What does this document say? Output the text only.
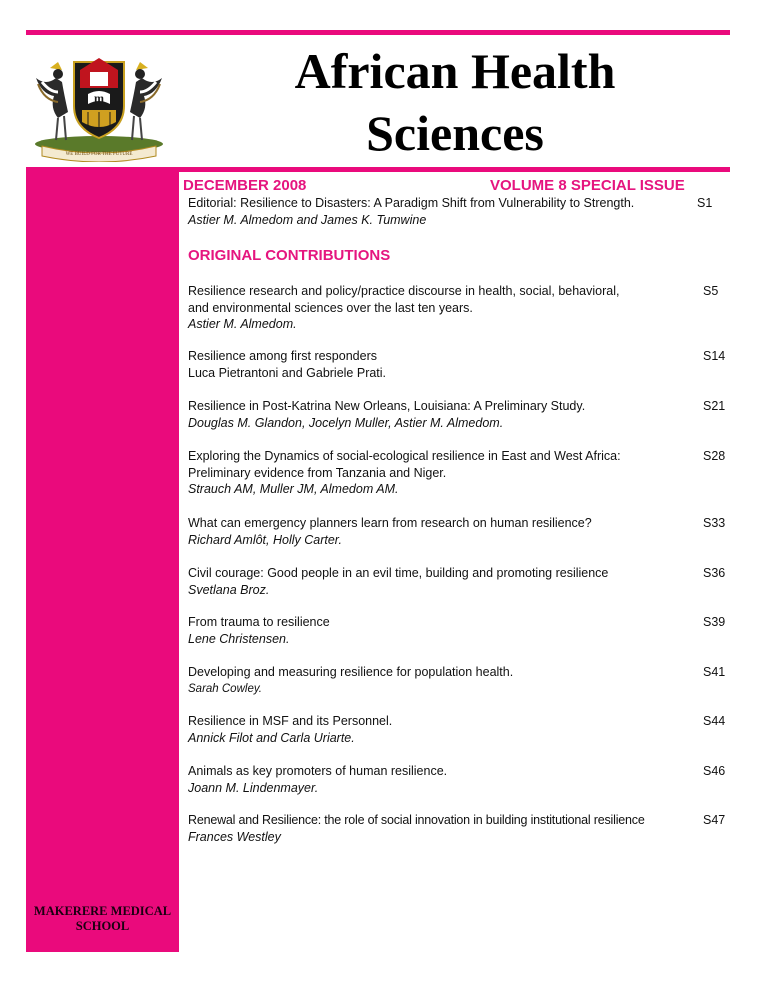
m
WE BUILD FOR THE FUTURE
African Health
Sciences
MAKERERE MEDICAL SCHOOL
DECEMBER 2008	VOLUME 8 SPECIAL ISSUE
Editorial: Resilience to Disasters: A Paradigm Shift from Vulnerability to Strength.
Astier M. Almedom and James K. Tumwine
S1
ORIGINAL CONTRIBUTIONS
Resilience research and policy/practice discourse in health, social, behavioral,
and environmental sciences over the last ten years.
Astier M. Almedom.
S5
Resilience among first responders
Luca Pietrantoni and Gabriele Prati.
S14
Resilience in Post-Katrina New Orleans, Louisiana: A Preliminary Study.
Douglas M. Glandon, Jocelyn Muller, Astier M. Almedom.
S21
Exploring the Dynamics of social-ecological resilience in East and West Africa:
Preliminary evidence from Tanzania and Niger.
Strauch AM, Muller JM, Almedom AM.
S28
What can emergency planners learn from research on human resilience?
Richard Amlôt, Holly Carter.
S33
Civil courage: Good people in an evil time, building and promoting resilience
Svetlana Broz.
S36
From trauma to resilience
Lene Christensen.
S39
Developing and measuring resilience for population health.
Sarah Cowley.
S41
Resilience in MSF and its Personnel.
Annick Filot and Carla Uriarte.
S44
Animals as key promoters of human resilience.
Joann M. Lindenmayer.
S46
Renewal and Resilience: the role of social innovation in building institutional resilience
Frances Westley
S47
